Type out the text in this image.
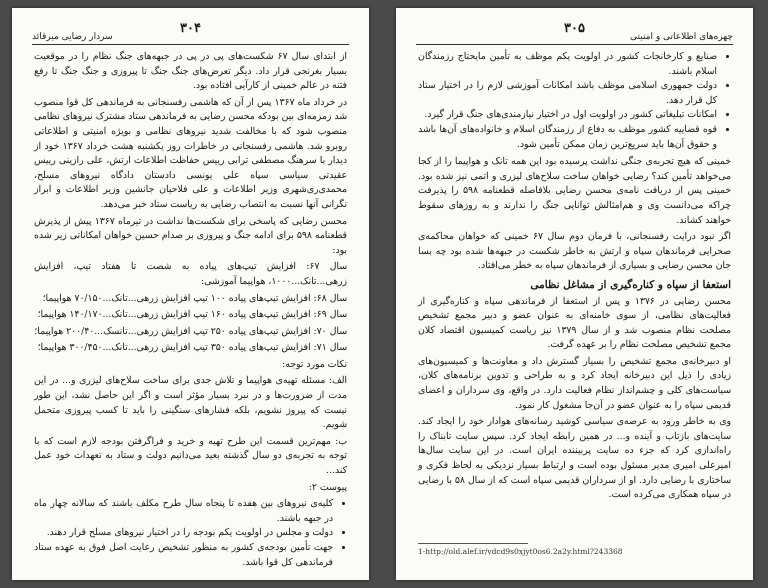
۳۰۴
سردار رضایی میرقائد

از ابتدای سال ۶۷ شکست‌های پی در پی در جبهه‌های جنگ نظام را در موقعیت بسیار بغرنجی قرار داد. دیگر تعرض‌های جنگ جنگ تا پیروزی و جنگ جنگ تا رفع فتنه در عالم خمینی از کارآیی افتاده بود.

در خرداد ماه ۱۳۶۷ پس از آن که هاشمی رفسنجانی به فرماندهی کل قوا منصوب شد زمزمه‌ای بین بودکه محسن رضایی به فرماندهی ستاد مشترک نیروهای نظامی منصوب شود که با مخالفت شدید نیروهای نظامی و بویژه امنیتی و اطلاعاتی روبرو شد. هاشمی رفسنجانی در خاطرات روز یکشنبه هشت خرداد ۱۳۶۷ خود از دیدار با سرهنگ مصطفی ترابی رییس حفاظت اطلاعات ارتش، علی رازینی رییس عقیدتی سیاسی سپاه علی یونسی دادستان دادگاه نیروهای مسلح، محمدی‌ری‌شهری وزیر اطلاعات و علی فلاحیان جانشین وزیر اطلاعات و ابراز نگرانی آنها نسبت به انتصاب رضایی به ریاست ستاد خبر می‌دهد.

محسن رضایی که پاسخی برای شکست‌ها نداشت در تیرماه ۱۳۶۷ پیش از پذیرش قطعنامه ۵۹۸ برای ادامه جنگ و پیروزی بر صدام حسین خواهان امکاناتی زیر شده بود:

سال ۶۷: افزایش تیپ‌های پیاده به شصت تا هفتاد تیپ، افزایش زرهی...تانک...۱۰۰۰، هواپیما آموزشی:

سال ۶۸: افزایش تیپ‌های پیاده ۱۰۰ تیپ افزایش زرهی...تانک...۷۰/۱۵۰ هواپیما؛

سال ۶۹: افزایش تیپ‌های پیاده ۱۶۰ تیپ افزایش زرهی...تانک...۱۴۰/۱۷۰ هواپیما؛

سال ۷۰: افزایش تیپ‌های پیاده ۲۵۰ تیپ افزایش زرهی...تانسک...۲۰۰/۴۰ هواپیما؛

سال ۷۱: افزایش تیپ‌های پیاده ۳۵۰ تیپ افزایش زرهی...تانک...۳۰۰/۴۵۰ هواپیما؛

نکات مورد توجه:

الف: مسئله تهیه‌ی هواپیما و تلاش جدی برای ساخت سلاح‌های لیزری و... در این مدت از ضرورت‌ها و در نبرد بسیار مؤثر است و اگر این حاصل نشد، این طور نیست که پیروز نشویم، بلکه فشارهای سنگینی را باید تا کسب پیروزی متحمل شویم.

ب: مهم‌ترین قسمت این طرح تهیه و خرید و فراگرفتن بودجه لازم است که با توجه به تجربه‌ی دو سال گذشته بعید می‌دانیم دولت و ستاد به تعهدات خود عمل کند...

پیوست ۲:

• کلیه‌ی نیروهای بین هفده تا پنجاه سال طرح مکلف باشند که سالانه چهار ماه در جبهه باشند.
• دولت و مجلس در اولویت یکم بودجه را در اختیار نیروهای مسلح قرار دهند.
• جهت تأمین بودجه‌ی کشور به منظور تشخیص رعایت اصل فوق به عهده ستاد فرماندهی کل قوا باشد.
۳۰۵
چهره‌های اطلاعاتی و امنیتی
• صنایع و کارخانجات کشور در اولویت یکم موظف به تأمین مایحتاج رزمندگان اسلام باشند.
• دولت جمهوری اسلامی موظف باشد امکانات آموزشی لازم را در اختیار ستاد کل قرار دهد.
• امکانات تبلیغاتی کشور در اولویت اول در اختیار نیازمندی‌های جنگ قرار گیرد.
• قوه قضاییه کشور موظف به دفاع از رزمندگان اسلام و خانواده‌های آن‌ها باشد و حقوق آن‌ها باید سریع‌ترین زمان ممکن تأمین شود.

خمینی که هیچ تجربه‌ی جنگی نداشت پرسیده بود این همه تانک و هواپیما را از کجا می‌خواهد تأمین کند؟ رضایی خواهان ساخت سلاح‌های لیزری و اتمی نیز شده بود. خمینی پس از دریافت نامه‌ی محسن رضایی بلافاصله قطعنامه ۵۹۸ را پذیرفت چراکه می‌دانست وی و هم‌امثالش توانایی جنگ را ندارند و به روزهای سقوط خواهند کشاند.

اگر نبود درایت رفسنجانی، با فرمان دوم سال ۶۷ خمینی که خواهان محاکمه‌ی صحرایی فرماندهان سپاه و ارتش به خاطر شکست در جبهه‌ها شده بود چه بسا جان محسن رضایی و بسیاری از فرماندهان سپاه به خطر می‌افتاد.

استعفا از سپاه و کناره‌گیری از مشاغل نظامی

محسن رضایی در ۱۳۷۶ و پس از استعفا از فرماندهی سپاه و کناره‌گیری از فعالیت‌های نظامی، از سوی خامنه‌ای به عنوان عضو و دبیر مجمع تشخیص مصلحت نظام منصوب شد و از سال ۱۳۷۹ نیز ریاست کمیسیون اقتصاد کلان مجمع تشخیص مصلحت نظام را بر عهده گرفت.

او دبیرخانه‌ی مجمع تشخیص را بسیار گسترش داد و معاونت‌ها و کمیسیون‌های زیادی را ذیل این دبیرخانه ایجاد کرد و به طراحی و تدوین برنامه‌های کلان، سیاست‌های کلی و چشم‌انداز نظام فعالیت دارد. در واقع، وی سرداران و اعضای قدیمی سپاه را به عنوان عضو در آن‌جا مشغول کار نمود.

وی به خاطر ورود به عرصه‌ی سیاسی کوشید رسانه‌های هوادار خود را ایجاد کند. سایت‌های بازتاب و آینده و... در همین رابطه ایجاد کرد. سپس سایت تابناک را راه‌اندازی کرد که جزء ده سایت پربیننده ایران است. در این سایت سال‌ها امیرعلی امیری مدیر مسئول بوده است و ارتباط بسیار نزدیکی به لحاظ فکری و ساختاری با رضایی دارد. او از سرداران قدیمی سپاه است که از سال ۵۸ با رضایی در سپاه همکاری می‌کرده است.

1-http://old.alef.ir/vdcd9s0xjyt0os6.2a2y.html?243368
